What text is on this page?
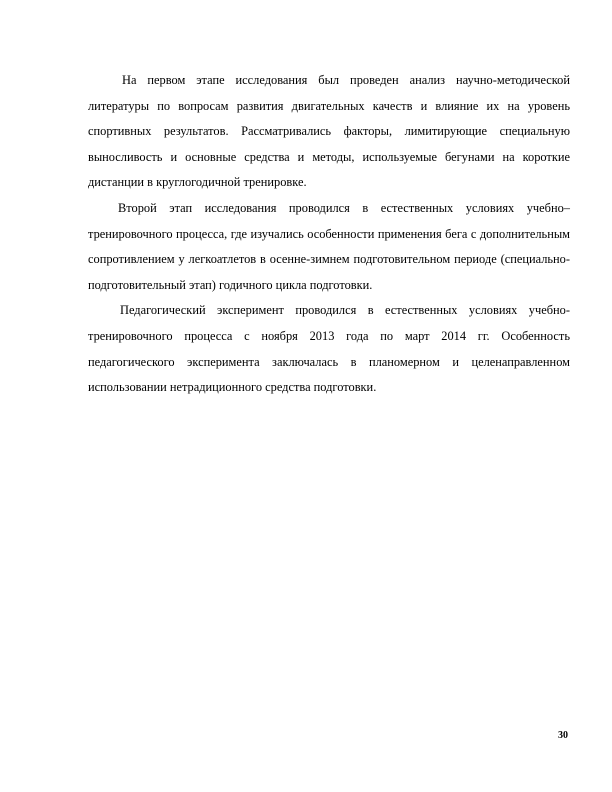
На первом этапе исследования был проведен анализ научно-методической литературы по вопросам развития двигательных качеств и влияние их на уровень спортивных результатов. Рассматривались факторы, лимитирующие специальную выносливость и основные средства и методы, используемые бегунами на короткие дистанции в круглогодичной тренировке.

Второй этап исследования проводился в естественных условиях учебно–тренировочного процесса, где изучались особенности применения бега с дополнительным сопротивлением у легкоатлетов в осенне-зимнем подготовительном периоде (специально-подготовительный этап) годичного цикла подготовки.

Педагогический эксперимент проводился в естественных условиях учебно-тренировочного процесса с ноября 2013 года по март 2014 гг. Особенность педагогического эксперимента заключалась в планомерном и целенаправленном использовании нетрадиционного средства подготовки.

30
